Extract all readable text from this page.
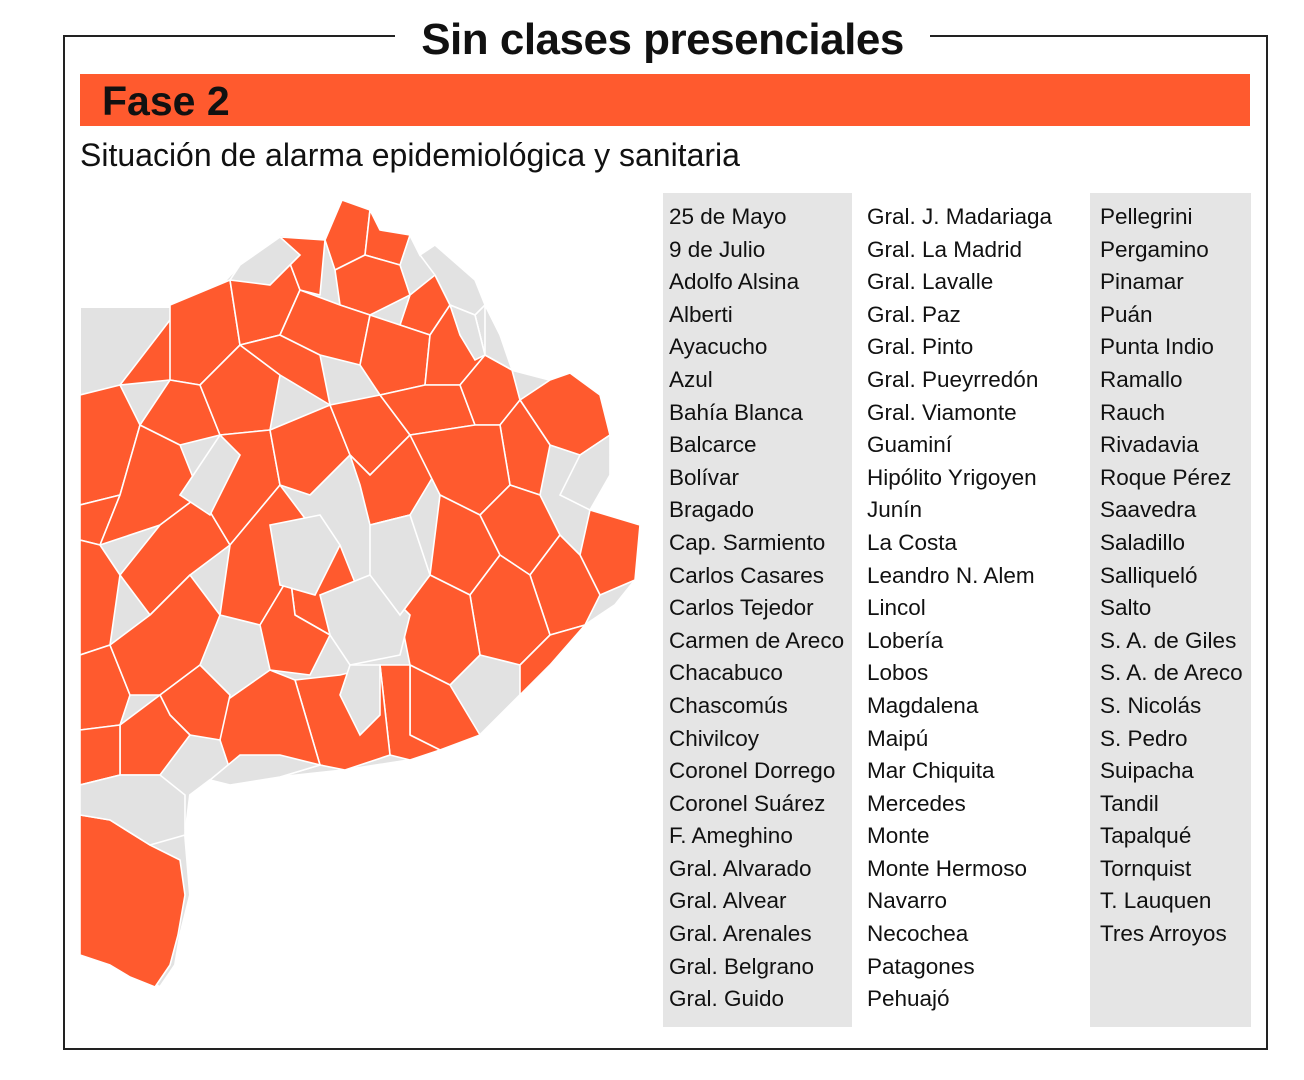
Sin clases presenciales
Fase 2
Situación de alarma epidemiológica y sanitaria
25 de Mayo
9 de Julio
Adolfo Alsina
Alberti
Ayacucho
Azul
Bahía Blanca
Balcarce
Bolívar
Bragado
Cap. Sarmiento
Carlos Casares
Carlos Tejedor
Carmen de Areco
Chacabuco
Chascomús
Chivilcoy
Coronel Dorrego
Coronel Suárez
F. Ameghino
Gral. Alvarado
Gral. Alvear
Gral. Arenales
Gral. Belgrano
Gral. Guido
Gral. J. Madariaga
Gral. La Madrid
Gral. Lavalle
Gral. Paz
Gral. Pinto
Gral. Pueyrredón
Gral. Viamonte
Guaminí
Hipólito Yrigoyen
Junín
La Costa
Leandro N. Alem
Lincol
Lobería
Lobos
Magdalena
Maipú
Mar Chiquita
Mercedes
Monte
Monte Hermoso
Navarro
Necochea
Patagones
Pehuajó
Pellegrini
Pergamino
Pinamar
Puán
Punta Indio
Ramallo
Rauch
Rivadavia
Roque Pérez
Saavedra
Saladillo
Salliqueló
Salto
S. A. de Giles
S. A. de Areco
S. Nicolás
S. Pedro
Suipacha
Tandil
Tapalqué
Tornquist
T. Lauquen
Tres Arroyos
